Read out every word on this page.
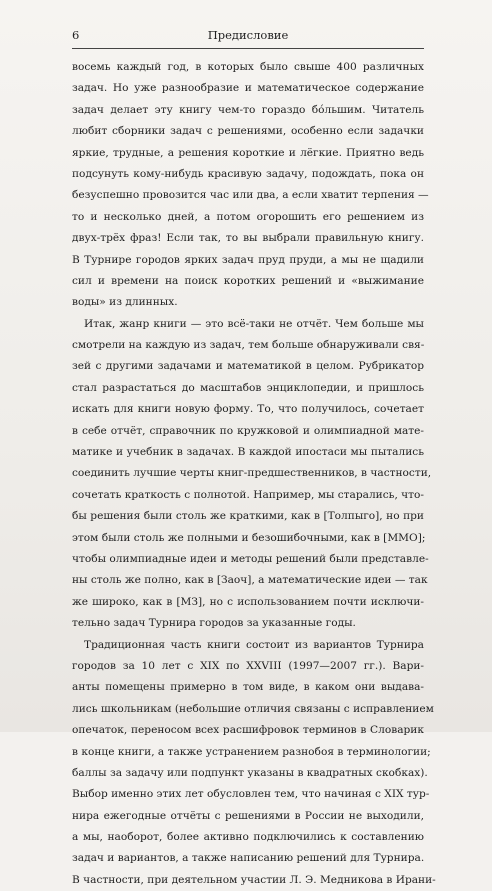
6	Предисловие
восемь каждый год, в которых было свыше 400 различных
задач. Но уже разнообразие и математическое содержание
задач делает эту книгу чем-то гораздо бо́льшим. Читатель
любит сборники задач с решениями, особенно если задачки
яркие, трудные, а решения короткие и лёгкие. Приятно ведь
подсунуть кому-нибудь красивую задачу, подождать, пока он
безуспешно провозится час или два, а если хватит терпения —
то и несколько дней, а потом огорошить его решением из
двух-трёх фраз! Если так, то вы выбрали правильную книгу.
В Турнире городов ярких задач пруд пруди, а мы не щадили
сил и времени на поиск коротких решений и «выжимание
воды» из длинных.
Итак, жанр книги — это всё-таки не отчёт. Чем больше мы
смотрели на каждую из задач, тем больше обнаруживали свя-
зей с другими задачами и математикой в целом. Рубрикатор
стал разрастаться до масштабов энциклопедии, и пришлось
искать для книги новую форму. То, что получилось, сочетает
в себе отчёт, справочник по кружковой и олимпиадной мате-
матике и учебник в задачах. В каждой ипостаси мы пытались
соединить лучшие черты книг-предшественников, в частности,
сочетать краткость с полнотой. Например, мы старались, что-
бы решения были столь же краткими, как в [Толпыго], но при
этом были столь же полными и безошибочными, как в [ММО];
чтобы олимпиадные идеи и методы решений были представле-
ны столь же полно, как в [Заоч], а математические идеи — так
же широко, как в [МЗ], но с использованием почти исключи-
тельно задач Турнира городов за указанные годы.
Традиционная часть книги состоит из вариантов Турнира
городов за 10 лет с XIX по XXVIII (1997—2007 гг.). Вари-
анты помещены примерно в том виде, в каком они выдава-
лись школьникам (небольшие отличия связаны с исправлением
опечаток, переносом всех расшифровок терминов в Словарик
в конце книги, а также устранением разнобоя в терминологии;
баллы за задачу или подпункт указаны в квадратных скобках).
Выбор именно этих лет обусловлен тем, что начиная с XIX тур-
нира ежегодные отчёты с решениями в России не выходили,
а мы, наоборот, более активно подключились к составлению
задач и вариантов, а также написанию решений для Турнира.
В частности, при деятельном участии Л. Э. Медникова в Ирани-
